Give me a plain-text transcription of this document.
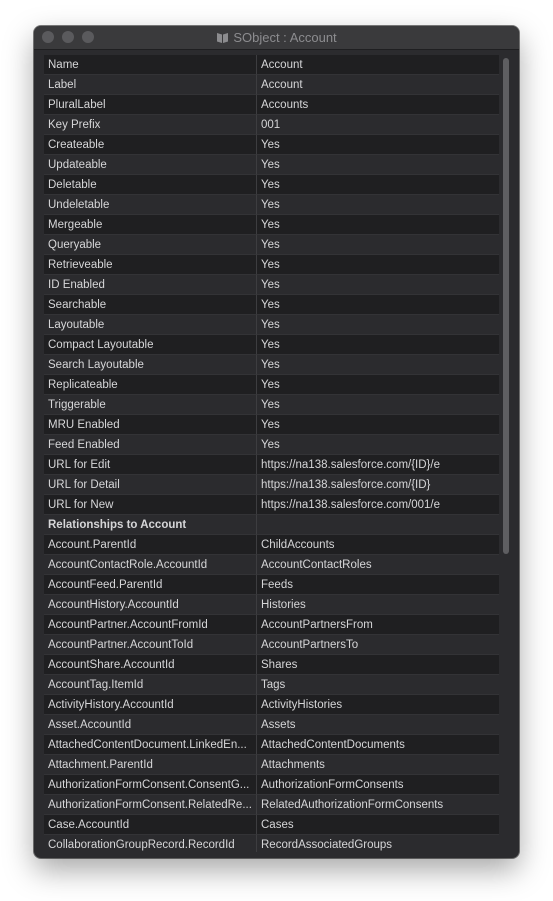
SObject : Account
Name	Account
Label	Account
PluralLabel	Accounts
Key Prefix	001
Createable	Yes
Updateable	Yes
Deletable	Yes
Undeletable	Yes
Mergeable	Yes
Queryable	Yes
Retrieveable	Yes
ID Enabled	Yes
Searchable	Yes
Layoutable	Yes
Compact Layoutable	Yes
Search Layoutable	Yes
Replicateable	Yes
Triggerable	Yes
MRU Enabled	Yes
Feed Enabled	Yes
URL for Edit	https://na138.salesforce.com/{ID}/e
URL for Detail	https://na138.salesforce.com/{ID}
URL for New	https://na138.salesforce.com/001/e
Relationships to Account
Account.ParentId	ChildAccounts
AccountContactRole.AccountId	AccountContactRoles
AccountFeed.ParentId	Feeds
AccountHistory.AccountId	Histories
AccountPartner.AccountFromId	AccountPartnersFrom
AccountPartner.AccountToId	AccountPartnersTo
AccountShare.AccountId	Shares
AccountTag.ItemId	Tags
ActivityHistory.AccountId	ActivityHistories
Asset.AccountId	Assets
AttachedContentDocument.LinkedEn...	AttachedContentDocuments
Attachment.ParentId	Attachments
AuthorizationFormConsent.ConsentG...	AuthorizationFormConsents
AuthorizationFormConsent.RelatedRe... RelatedAuthorizationFormConsents
Case.AccountId	Cases
CollaborationGroupRecord.RecordId	RecordAssociatedGroups
